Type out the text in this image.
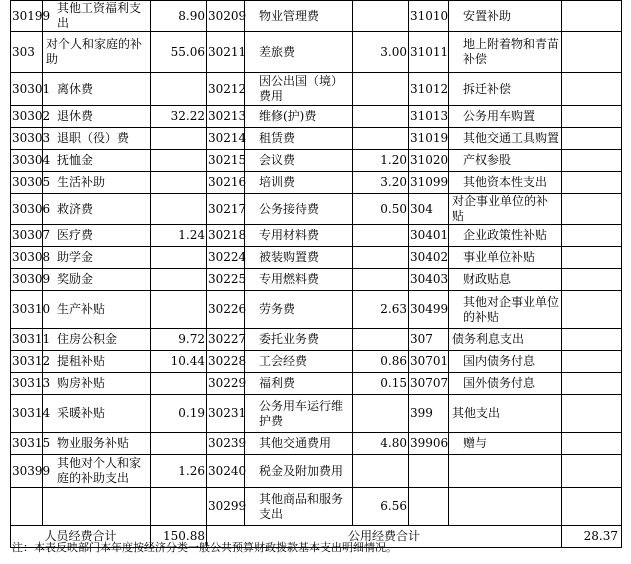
30199	其他工资福利支出	8.90	30209	物业管理费		31010	安置补助	
303	对个人和家庭的补助	55.06	30211	差旅费	3.00	31011	地上附着物和青苗补偿	
30301	离休费		30212	因公出国（境）费用		31012	拆迁补偿	
30302	退休费	32.22	30213	维修(护)费		31013	公务用车购置	
30303	退职（役）费		30214	租赁费		31019	其他交通工具购置	
30304	抚恤金		30215	会议费	1.20	31020	产权参股	
30305	生活补助		30216	培训费	3.20	31099	其他资本性支出	
30306	救济费		30217	公务接待费	0.50	304	对企事业单位的补贴	
30307	医疗费	1.24	30218	专用材料费		30401	企业政策性补贴	
30308	助学金		30224	被装购置费		30402	事业单位补贴	
30309	奖励金		30225	专用燃料费		30403	财政贴息	
30310	生产补贴		30226	劳务费	2.63	30499	其他对企事业单位的补贴	
30311	住房公积金	9.72	30227	委托业务费		307	债务利息支出	
30312	提租补贴	10.44	30228	工会经费	0.86	30701	国内债务付息	
30313	购房补贴		30229	福利费	0.15	30707	国外债务付息	
30314	采暖补贴	0.19	30231	公务用车运行维护费		399	其他支出	
30315	物业服务补贴		30239	其他交通费用	4.80	39906	赠与	
30399	其他对个人和家庭的补助支出	1.26	30240	税金及附加费用				
			30299	其他商品和服务支出	6.56			
人员经费合计		150.88	公用经费合计					28.37
注：本表反映部门本年度按经济分类一般公共预算财政拨款基本支出明细情况。
